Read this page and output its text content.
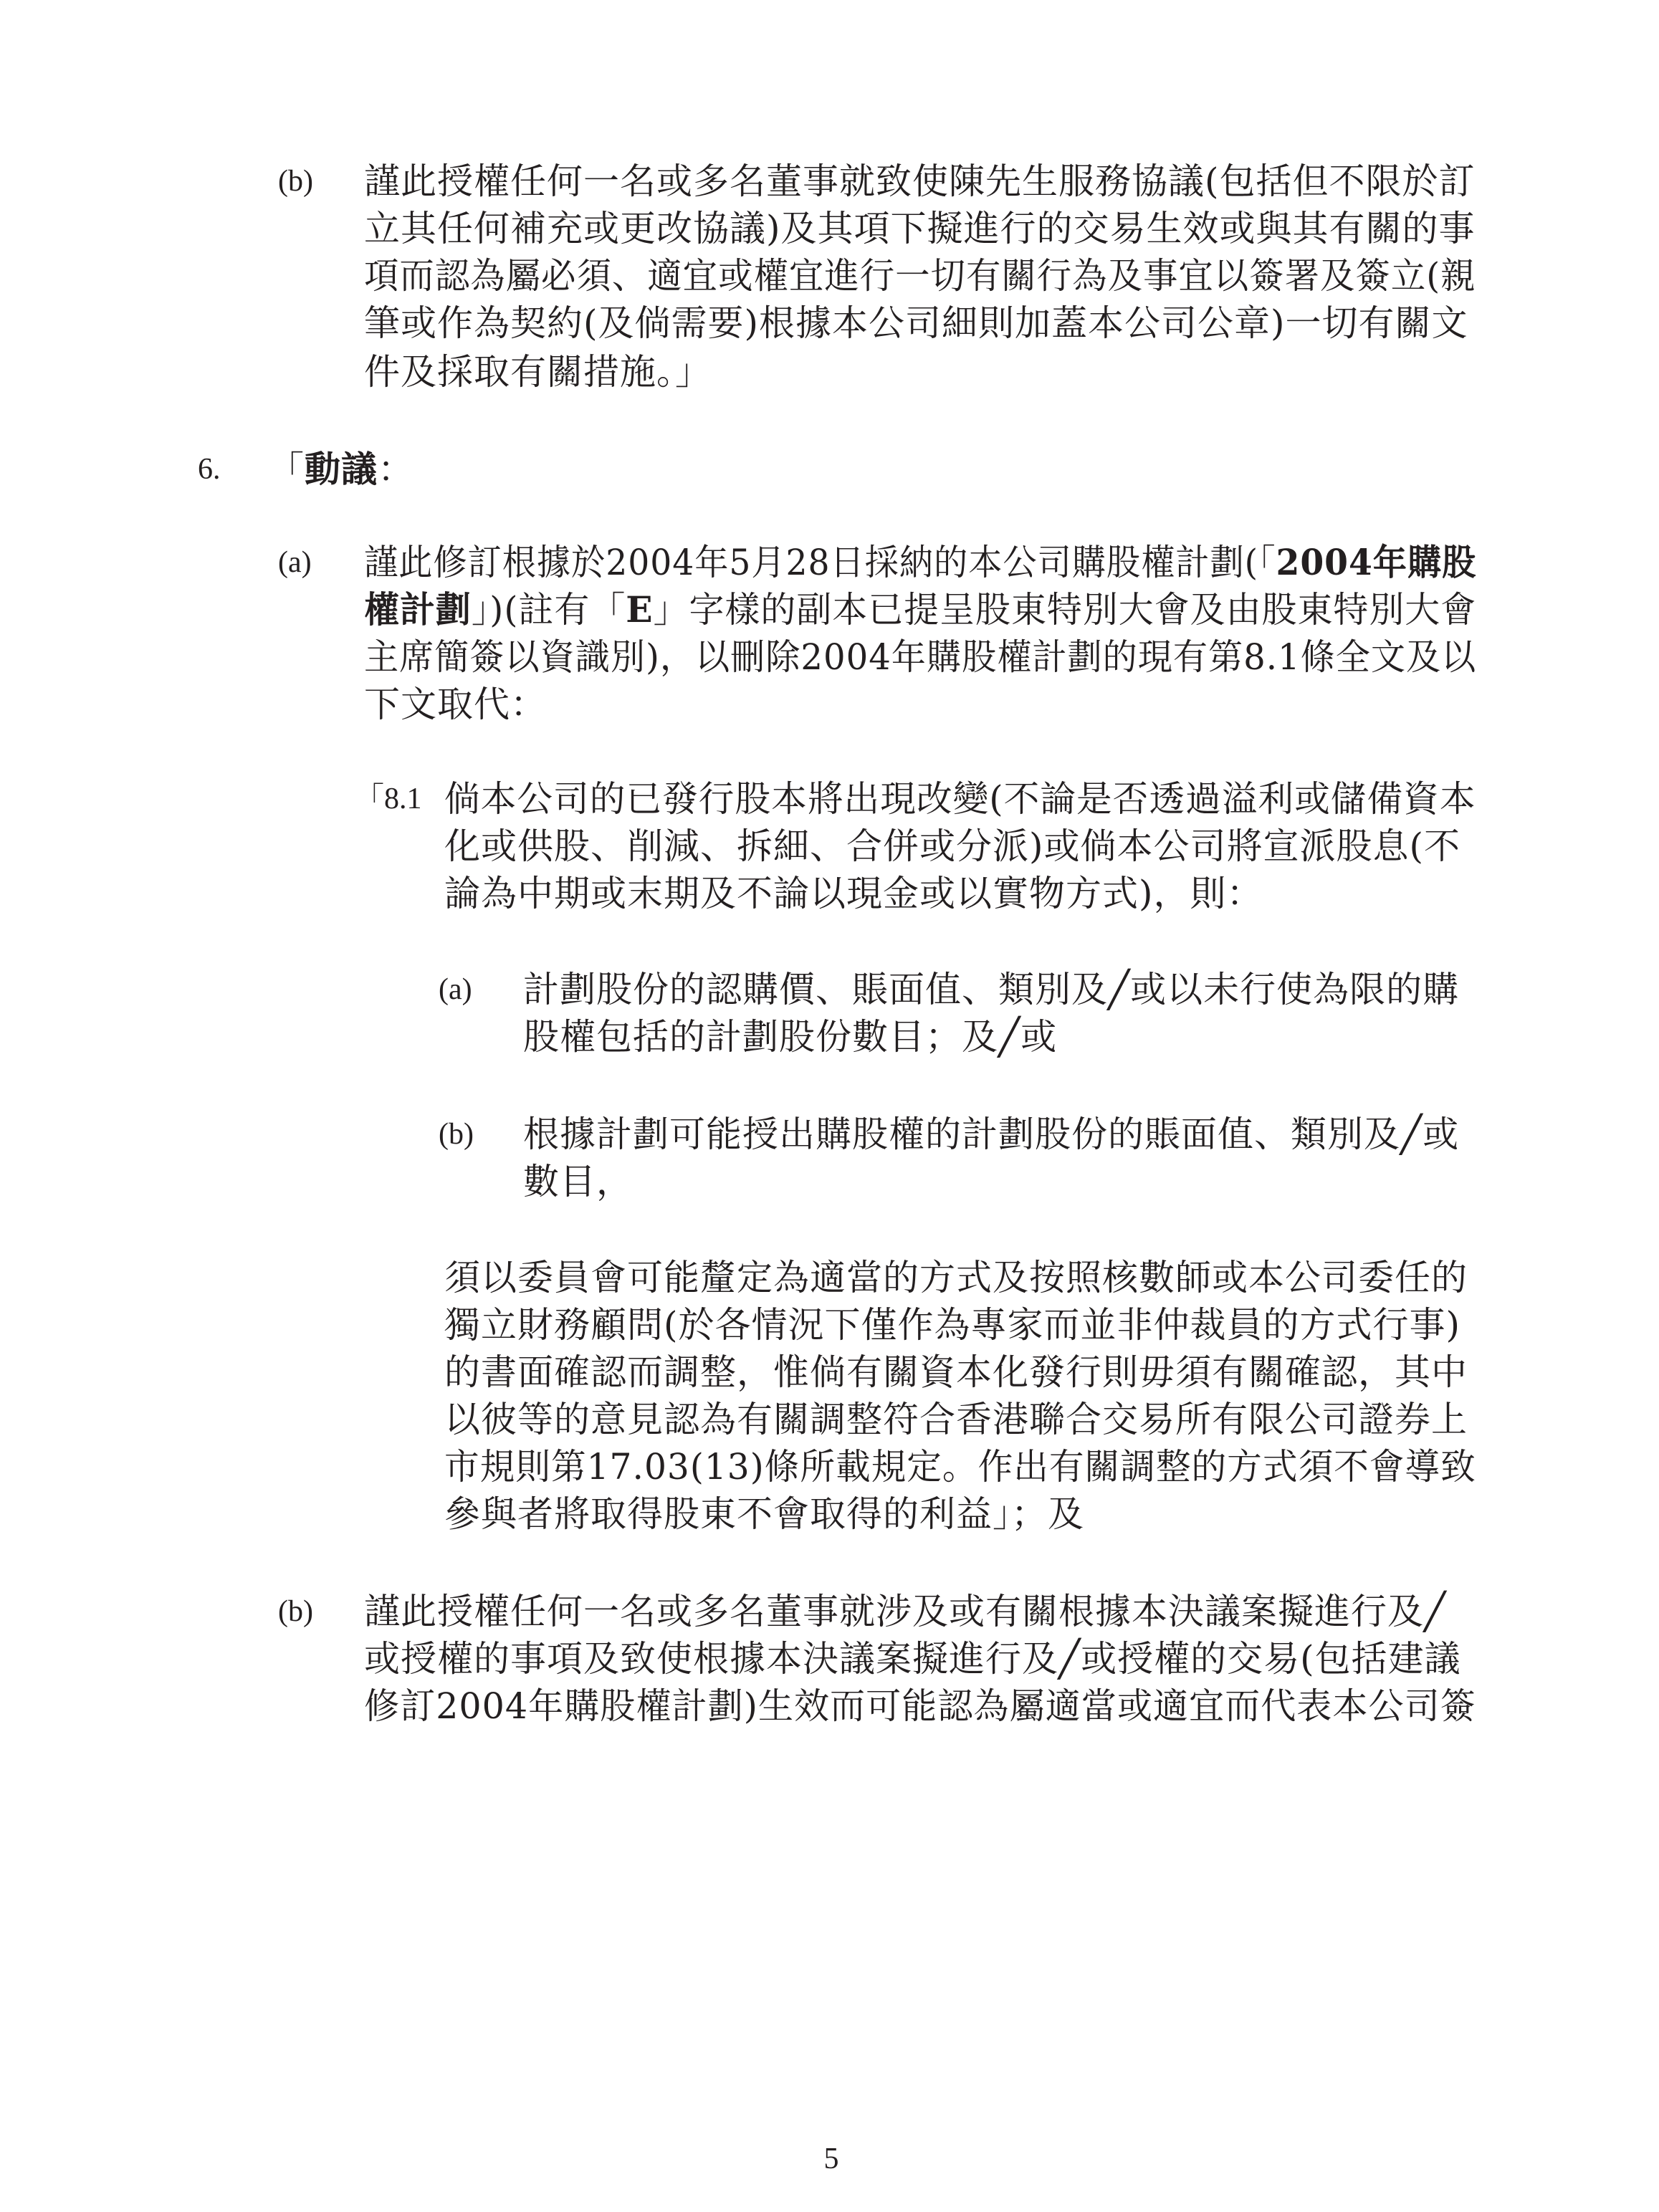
(b) 謹此授權任何一名或多名董事就致使陳先生服務協議(包括但不限於訂
立其任何補充或更改協議)及其項下擬進行的交易生效或與其有關的事
項而認為屬必須、適宜或權宜進行一切有關行為及事宜以簽署及簽立(親
筆或作為契約(及倘需要)根據本公司細則加蓋本公司公章)一切有關文
件及採取有關措施。」
6. 「動議：
(a) 謹此修訂根據於2004年5月28日採納的本公司購股權計劃(「2004年購股
權計劃」)(註有「E」字樣的副本已提呈股東特別大會及由股東特別大會
主席簡簽以資識別)，以刪除2004年購股權計劃的現有第8.1條全文及以
下文取代：
「8.1 倘本公司的已發行股本將出現改變(不論是否透過溢利或儲備資本
化或供股、削減、拆細、合併或分派)或倘本公司將宣派股息(不
論為中期或末期及不論以現金或以實物方式)，則：
(a) 計劃股份的認購價、賬面值、類別及╱或以未行使為限的購
股權包括的計劃股份數目；及╱或
(b) 根據計劃可能授出購股權的計劃股份的賬面值、類別及╱或
數目，
須以委員會可能釐定為適當的方式及按照核數師或本公司委任的
獨立財務顧問(於各情況下僅作為專家而並非仲裁員的方式行事)
的書面確認而調整，惟倘有關資本化發行則毋須有關確認，其中
以彼等的意見認為有關調整符合香港聯合交易所有限公司證券上
市規則第17.03(13)條所載規定。作出有關調整的方式須不會導致
參與者將取得股東不會取得的利益」；及
(b) 謹此授權任何一名或多名董事就涉及或有關根據本決議案擬進行及╱
或授權的事項及致使根據本決議案擬進行及╱或授權的交易(包括建議
修訂2004年購股權計劃)生效而可能認為屬適當或適宜而代表本公司簽
5
